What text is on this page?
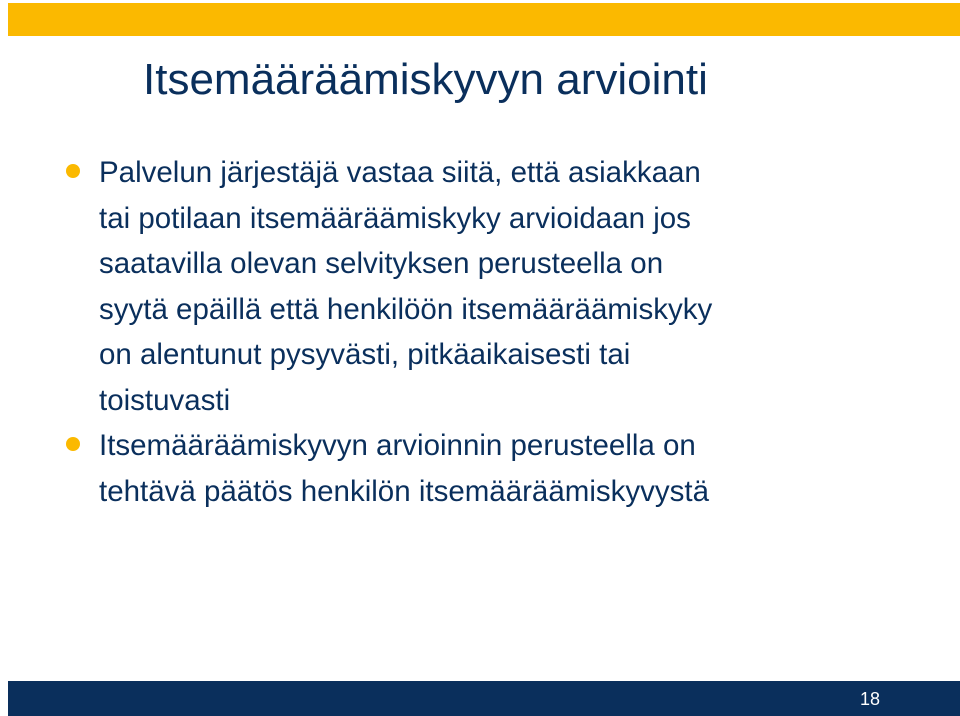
Itsemääräämiskyvyn arviointi
Palvelun järjestäjä vastaa siitä, että asiakkaan
tai potilaan itsemääräämiskyky arvioidaan jos
saatavilla olevan selvityksen perusteella on
syytä epäillä että henkilöön itsemääräämiskyky
on alentunut pysyvästi, pitkäaikaisesti tai
toistuvasti
Itsemääräämiskyvyn arvioinnin perusteella on
tehtävä päätös henkilön itsemääräämiskyvystä
18
